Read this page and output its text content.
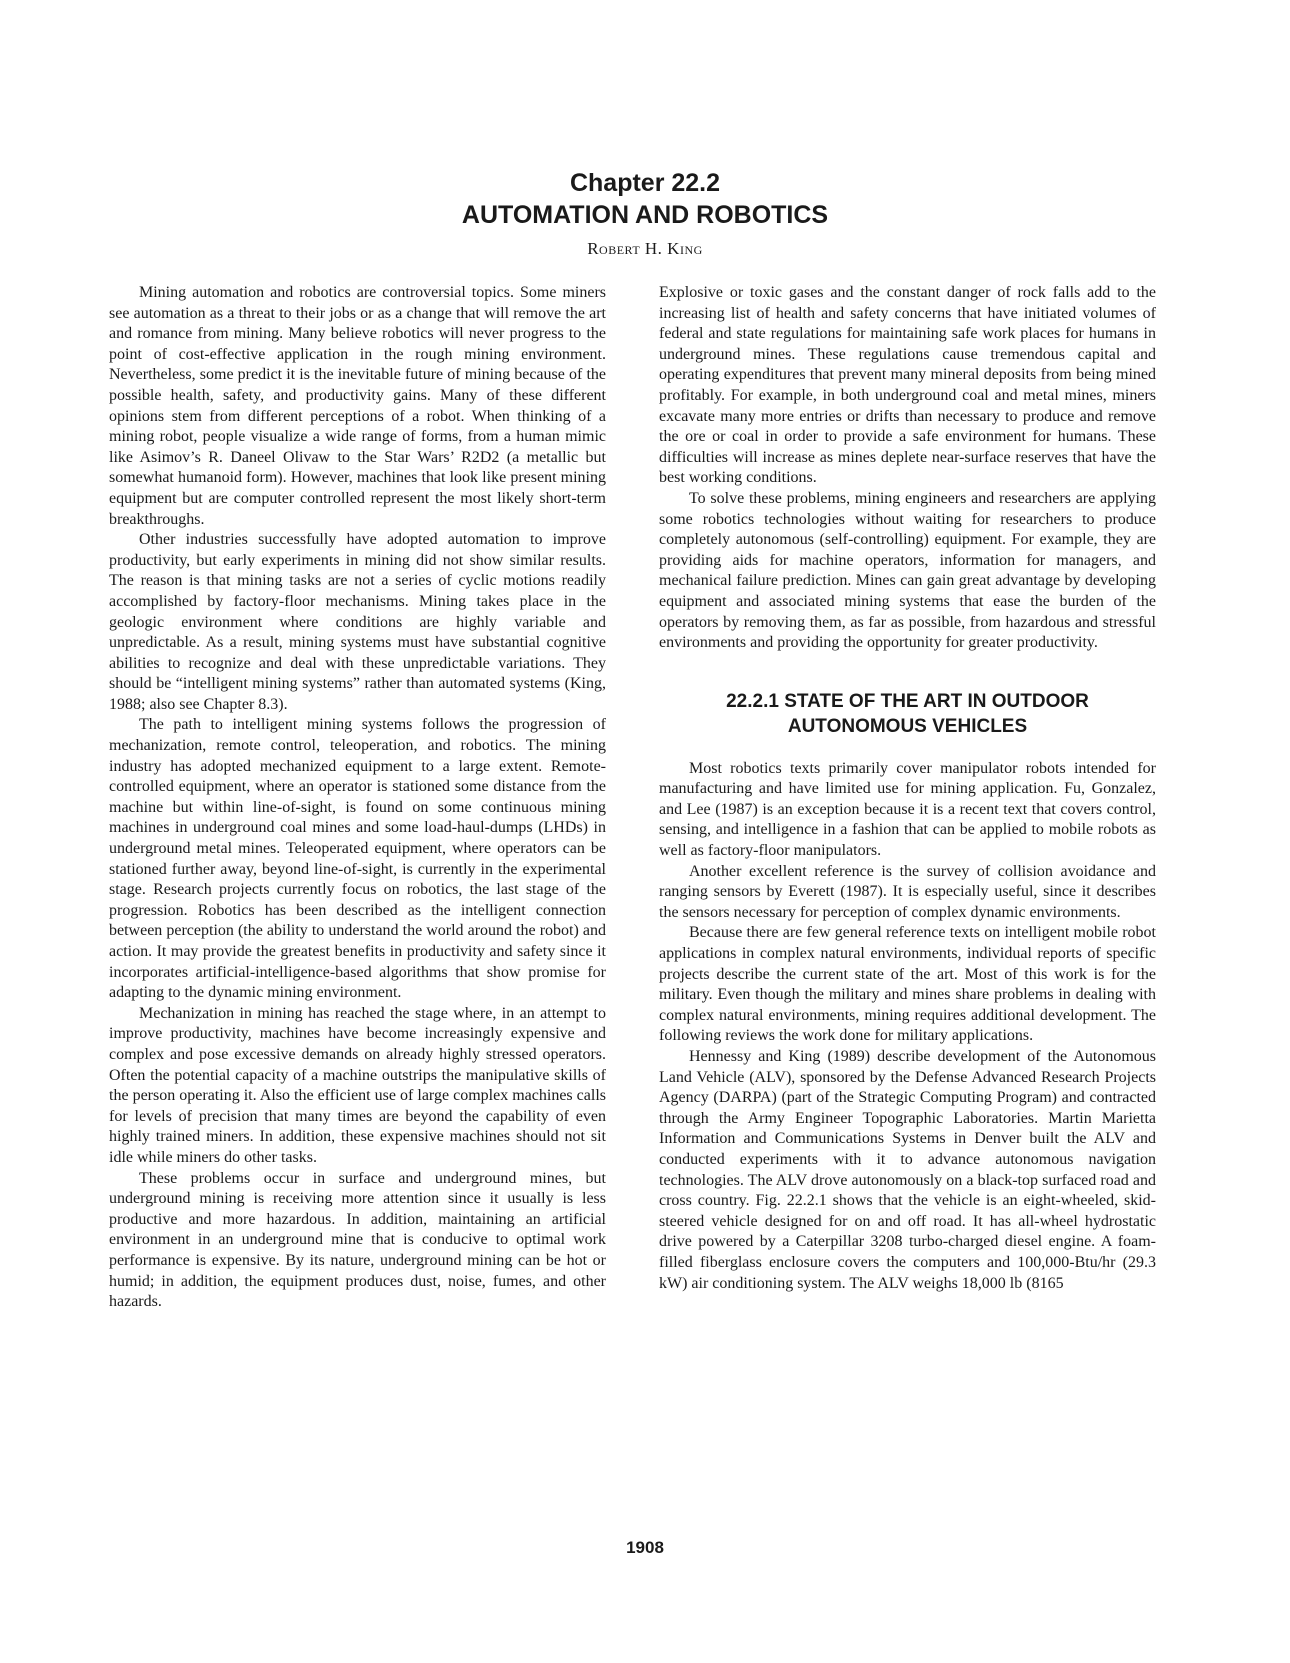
Chapter 22.2
AUTOMATION AND ROBOTICS
Robert H. King

Mining automation and robotics are controversial topics. Some miners see automation as a threat to their jobs or as a change that will remove the art and romance from mining. Many believe robotics will never progress to the point of cost-effective application in the rough mining environment. Nevertheless, some predict it is the inevitable future of mining because of the possible health, safety, and productivity gains. Many of these different opinions stem from different perceptions of a robot. When thinking of a mining robot, people visualize a wide range of forms, from a human mimic like Asimov’s R. Daneel Olivaw to the Star Wars’ R2D2 (a metallic but somewhat humanoid form). However, machines that look like present mining equipment but are computer controlled represent the most likely short-term breakthroughs.

Other industries successfully have adopted automation to improve productivity, but early experiments in mining did not show similar results. The reason is that mining tasks are not a series of cyclic motions readily accomplished by factory-floor mechanisms. Mining takes place in the geologic environment where conditions are highly variable and unpredictable. As a result, mining systems must have substantial cognitive abilities to recognize and deal with these unpredictable variations. They should be “intelligent mining systems” rather than automated systems (King, 1988; also see Chapter 8.3).

The path to intelligent mining systems follows the progression of mechanization, remote control, teleoperation, and robotics. The mining industry has adopted mechanized equipment to a large extent. Remote-controlled equipment, where an operator is stationed some distance from the machine but within line-of-sight, is found on some continuous mining machines in underground coal mines and some load-haul-dumps (LHDs) in underground metal mines. Teleoperated equipment, where operators can be stationed further away, beyond line-of-sight, is currently in the experimental stage. Research projects currently focus on robotics, the last stage of the progression. Robotics has been described as the intelligent connection between perception (the ability to understand the world around the robot) and action. It may provide the greatest benefits in productivity and safety since it incorporates artificial-intelligence-based algorithms that show promise for adapting to the dynamic mining environment.

Mechanization in mining has reached the stage where, in an attempt to improve productivity, machines have become increasingly expensive and complex and pose excessive demands on already highly stressed operators. Often the potential capacity of a machine outstrips the manipulative skills of the person operating it. Also the efficient use of large complex machines calls for levels of precision that many times are beyond the capability of even highly trained miners. In addition, these expensive machines should not sit idle while miners do other tasks.

These problems occur in surface and underground mines, but underground mining is receiving more attention since it usually is less productive and more hazardous. In addition, maintaining an artificial environment in an underground mine that is conducive to optimal work performance is expensive. By its nature, underground mining can be hot or humid; in addition, the equipment produces dust, noise, fumes, and other hazards.

Explosive or toxic gases and the constant danger of rock falls add to the increasing list of health and safety concerns that have initiated volumes of federal and state regulations for maintaining safe work places for humans in underground mines. These regulations cause tremendous capital and operating expenditures that prevent many mineral deposits from being mined profitably. For example, in both underground coal and metal mines, miners excavate many more entries or drifts than necessary to produce and remove the ore or coal in order to provide a safe environment for humans. These difficulties will increase as mines deplete near-surface reserves that have the best working conditions.

To solve these problems, mining engineers and researchers are applying some robotics technologies without waiting for researchers to produce completely autonomous (self-controlling) equipment. For example, they are providing aids for machine operators, information for managers, and mechanical failure prediction. Mines can gain great advantage by developing equipment and associated mining systems that ease the burden of the operators by removing them, as far as possible, from hazardous and stressful environments and providing the opportunity for greater productivity.

22.2.1 STATE OF THE ART IN OUTDOOR
AUTONOMOUS VEHICLES

Most robotics texts primarily cover manipulator robots intended for manufacturing and have limited use for mining application. Fu, Gonzalez, and Lee (1987) is an exception because it is a recent text that covers control, sensing, and intelligence in a fashion that can be applied to mobile robots as well as factory-floor manipulators.

Another excellent reference is the survey of collision avoidance and ranging sensors by Everett (1987). It is especially useful, since it describes the sensors necessary for perception of complex dynamic environments.

Because there are few general reference texts on intelligent mobile robot applications in complex natural environments, individual reports of specific projects describe the current state of the art. Most of this work is for the military. Even though the military and mines share problems in dealing with complex natural environments, mining requires additional development. The following reviews the work done for military applications.

Hennessy and King (1989) describe development of the Autonomous Land Vehicle (ALV), sponsored by the Defense Advanced Research Projects Agency (DARPA) (part of the Strategic Computing Program) and contracted through the Army Engineer Topographic Laboratories. Martin Marietta Information and Communications Systems in Denver built the ALV and conducted experiments with it to advance autonomous navigation technologies. The ALV drove autonomously on a black-top surfaced road and cross country. Fig. 22.2.1 shows that the vehicle is an eight-wheeled, skid-steered vehicle designed for on and off road. It has all-wheel hydrostatic drive powered by a Caterpillar 3208 turbo-charged diesel engine. A foam-filled fiberglass enclosure covers the computers and 100,000-Btu/hr (29.3 kW) air conditioning system. The ALV weighs 18,000 lb (8165

1908
